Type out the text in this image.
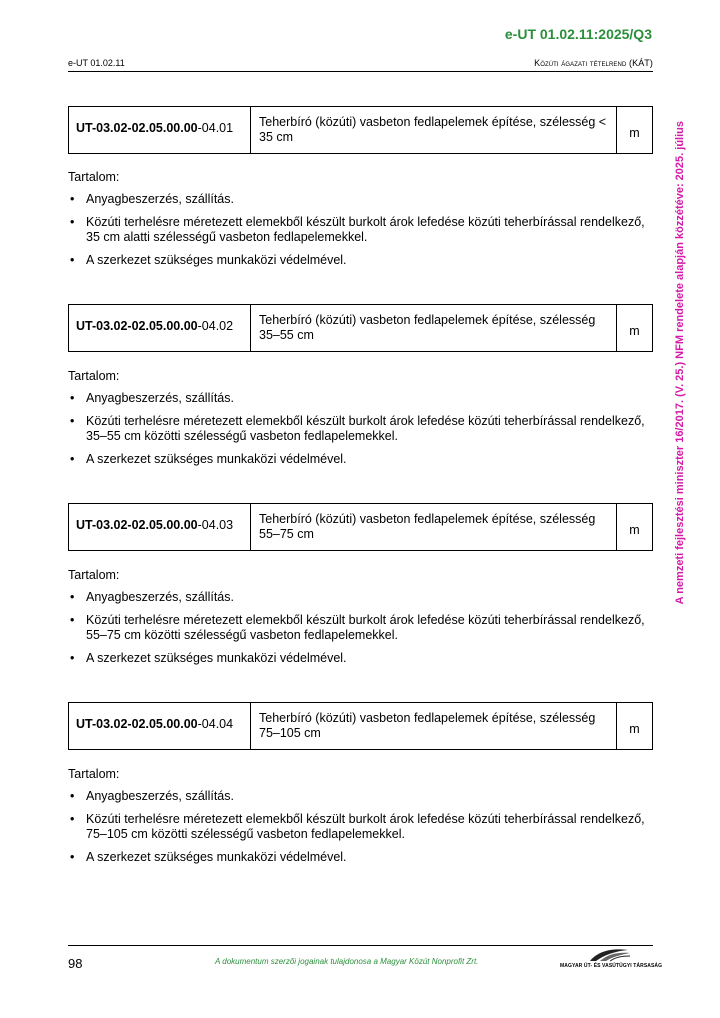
e-UT 01.02.11:2025/Q3
e-UT 01.02.11	Közúti ágazati tételrend (KÁT)
A nemzeti fejlesztési miniszter 16/2017. (V. 25.) NFM rendelete alapján közzétéve: 2025. július
UT-03.02-02.05.00.00 -04.01	Teherbíró (közúti) vasbeton fedlapelemek építése, szélesség < 35 cm	m

Tartalom:

• Anyagbeszerzés, szállítás.
• Közúti terhelésre méretezett elemekből készült burkolt árok lefedése közúti teherbírással rendelkező, 35 cm alatti szélességű vasbeton fedlapelemekkel.
• A szerkezet szükséges munkaközi védelmével.
UT-03.02-02.05.00.00 -04.02	Teherbíró (közúti) vasbeton fedlapelemek építése, szélesség 35–55 cm	m

Tartalom:

• Anyagbeszerzés, szállítás.
• Közúti terhelésre méretezett elemekből készült burkolt árok lefedése közúti teherbírással rendelkező, 35–55 cm közötti szélességű vasbeton fedlapelemekkel.
• A szerkezet szükséges munkaközi védelmével.
UT-03.02-02.05.00.00 -04.03	Teherbíró (közúti) vasbeton fedlapelemek építése, szélesség 55–75 cm	m

Tartalom:

• Anyagbeszerzés, szállítás.
• Közúti terhelésre méretezett elemekből készült burkolt árok lefedése közúti teherbírással rendelkező, 55–75 cm közötti szélességű vasbeton fedlapelemekkel.
• A szerkezet szükséges munkaközi védelmével.
UT-03.02-02.05.00.00 -04.04	Teherbíró (közúti) vasbeton fedlapelemek építése, szélesség 75–105 cm	m

Tartalom:

• Anyagbeszerzés, szállítás.
• Közúti terhelésre méretezett elemekből készült burkolt árok lefedése közúti teherbírással rendelkező, 75–105 cm közötti szélességű vasbeton fedlapelemekkel.
• A szerkezet szükséges munkaközi védelmével.
98	A dokumentum szerzői jogainak tulajdonosa a Magyar Közút Nonprofit Zrt.	MAGYAR ÚT- ÉS VASÚTÜGYI TÁRSASÁG
